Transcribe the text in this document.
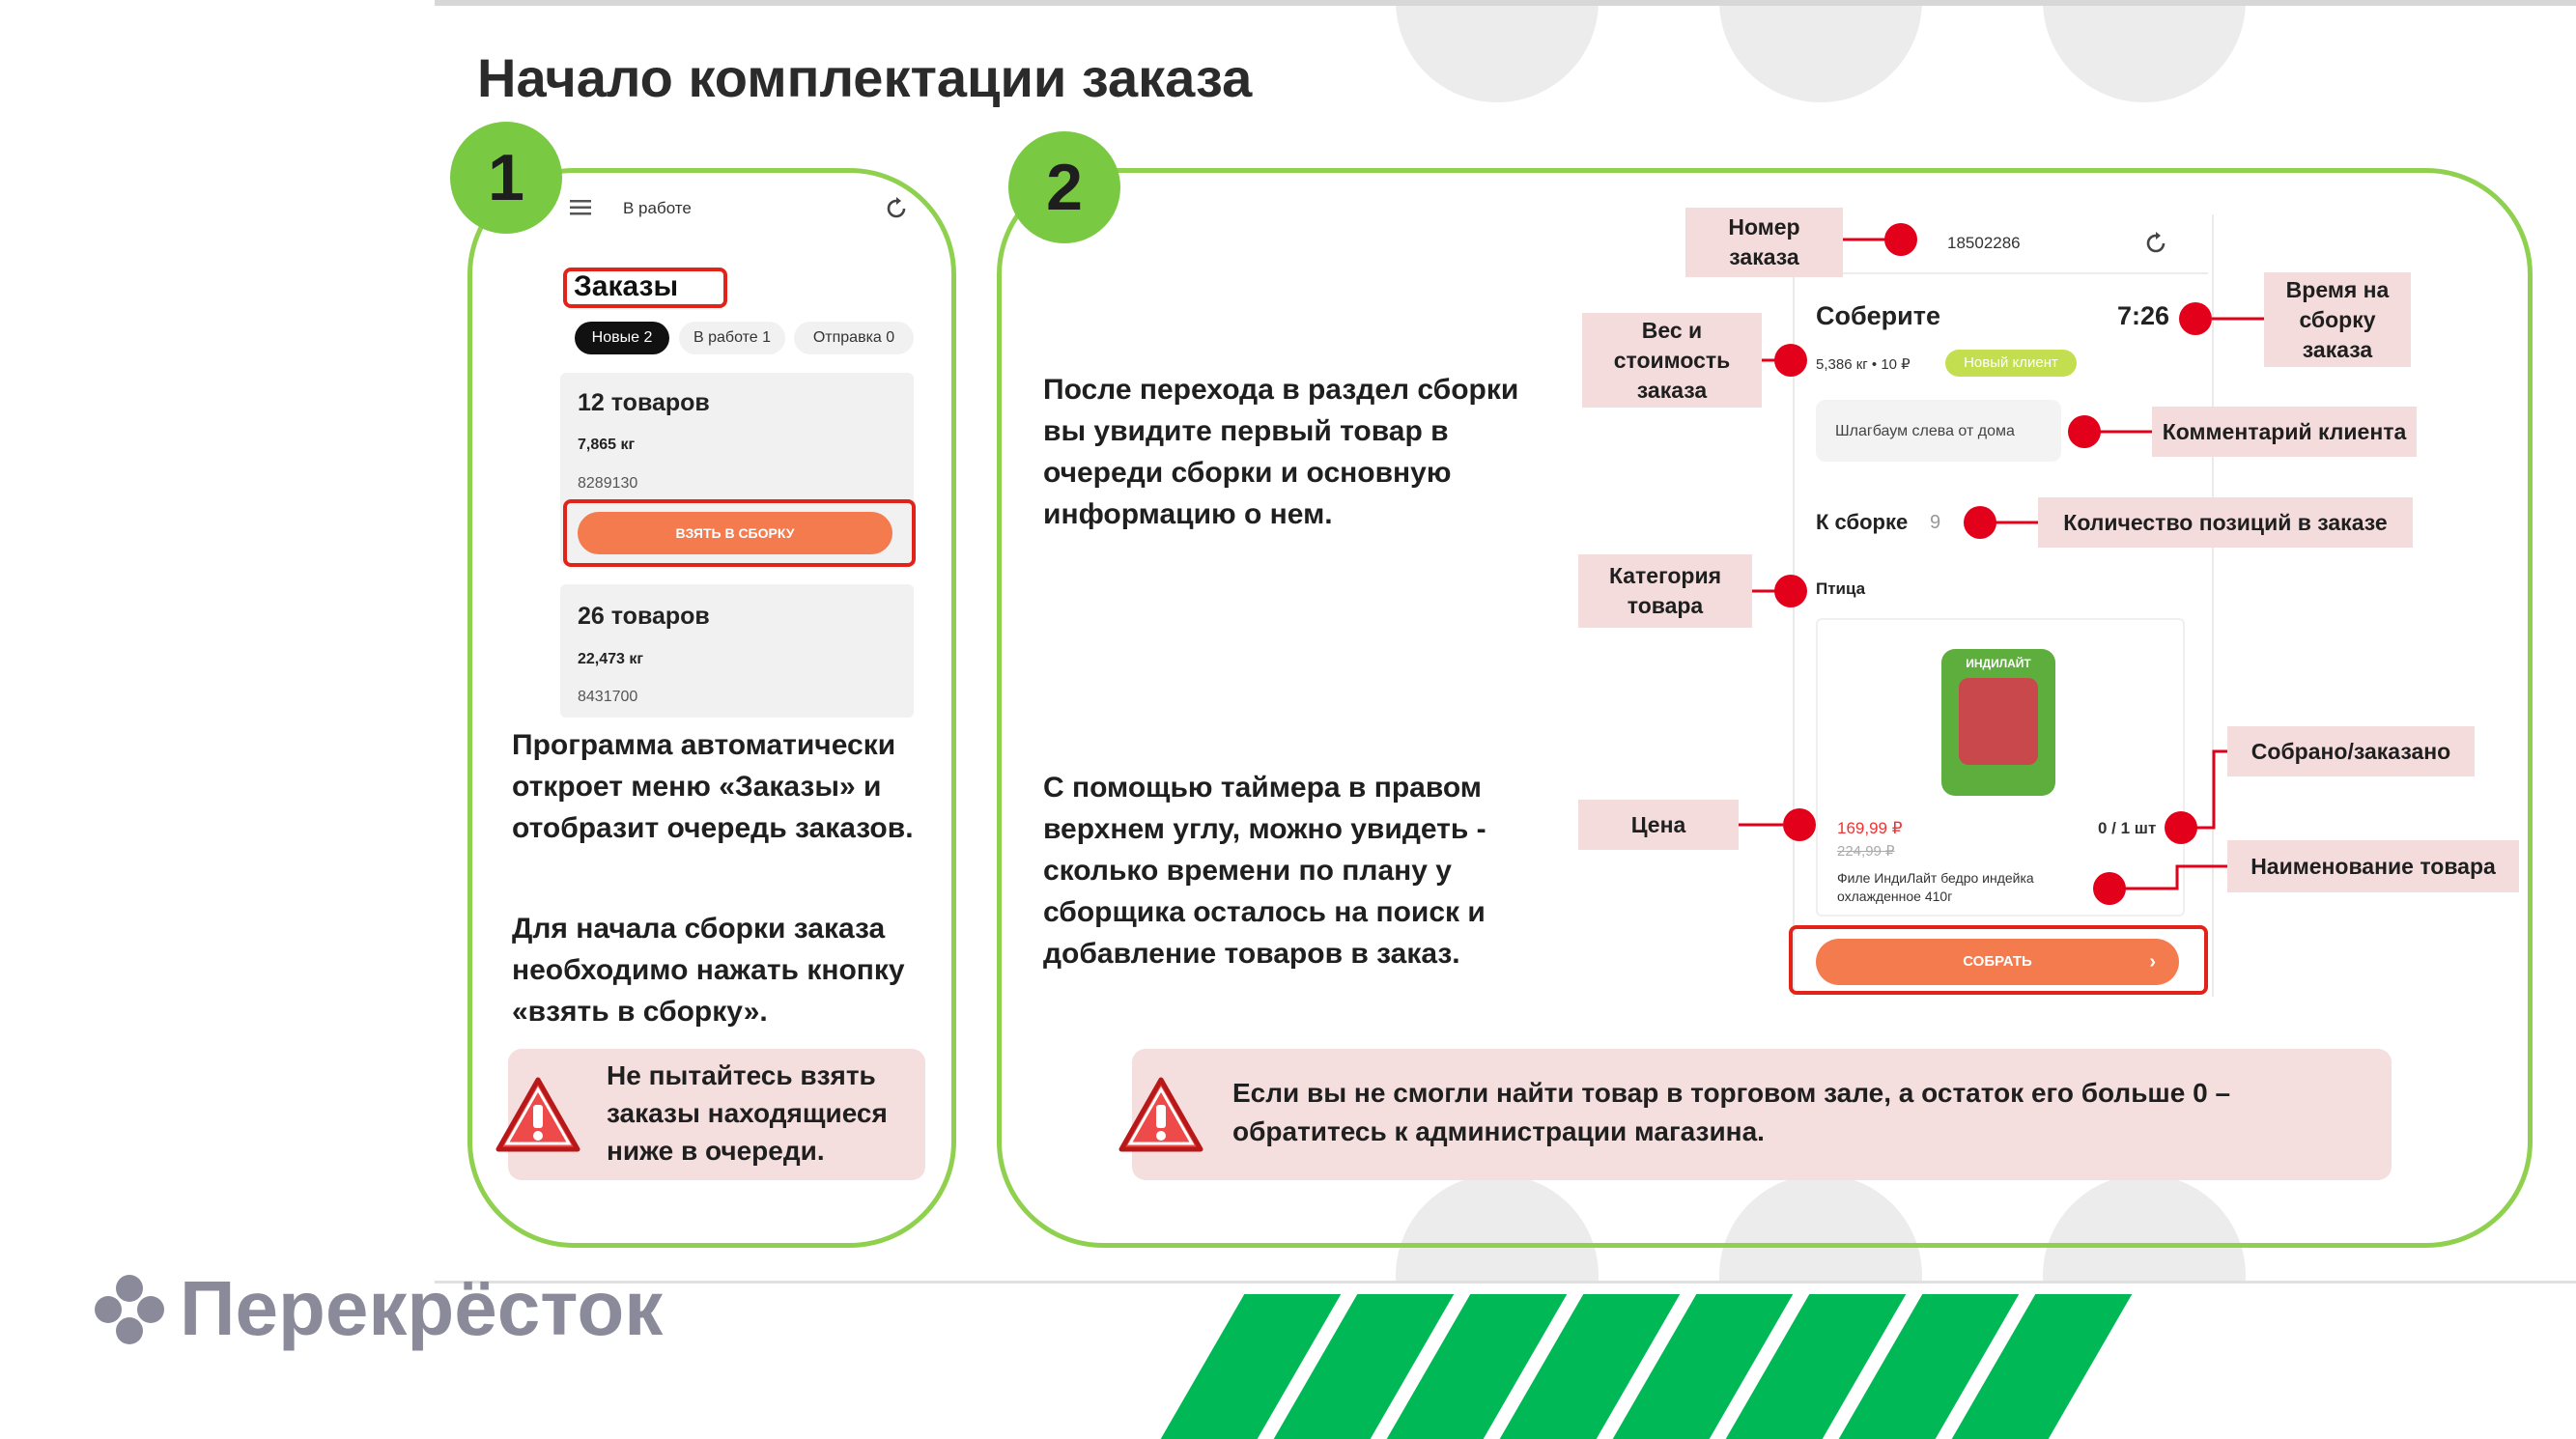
Начало комплектации заказа
1	В работе
Заказы
Новые 2	В работе 1	Отправка 0
12 товаров
7,865 кг
8289130
ВЗЯТЬ В СБОРКУ
26 товаров
22,473 кг
8431700
Программа автоматически откроет меню «Заказы» и отобразит очередь заказов.
Для начала сборки заказа необходимо нажать кнопку «взять в сборку».
Не пытайтесь взять заказы находящиеся ниже в очереди.
2
После перехода в раздел сборки вы увидите первый товар в очереди сборки и основную информацию о нем.
С помощью таймера в правом верхнем углу, можно увидеть - сколько времени по плану у сборщика осталось на поиск и добавление товаров в заказ.
18502286
Соберите	7:26
5,386 кг • 10 ₽	Новый клиент
Шлагбаум слева от дома
К сборке 9
Птица
ИНДИЛАЙТ
169,99 ₽
224,99 ₽
0 / 1 шт
Филе ИндиЛайт бедро индейка охлажденное 410г
СОБРАТЬ	›
Номер заказа
Вес и стоимость заказа
Время на сборку заказа
Комментарий клиента
Количество позиций в заказе
Категория товара
Цена
Собрано/заказано
Наименование товара
Если вы не смогли найти товар в торговом зале, а остаток его больше 0 – обратитесь к администрации магазина.
Перекрёсток
